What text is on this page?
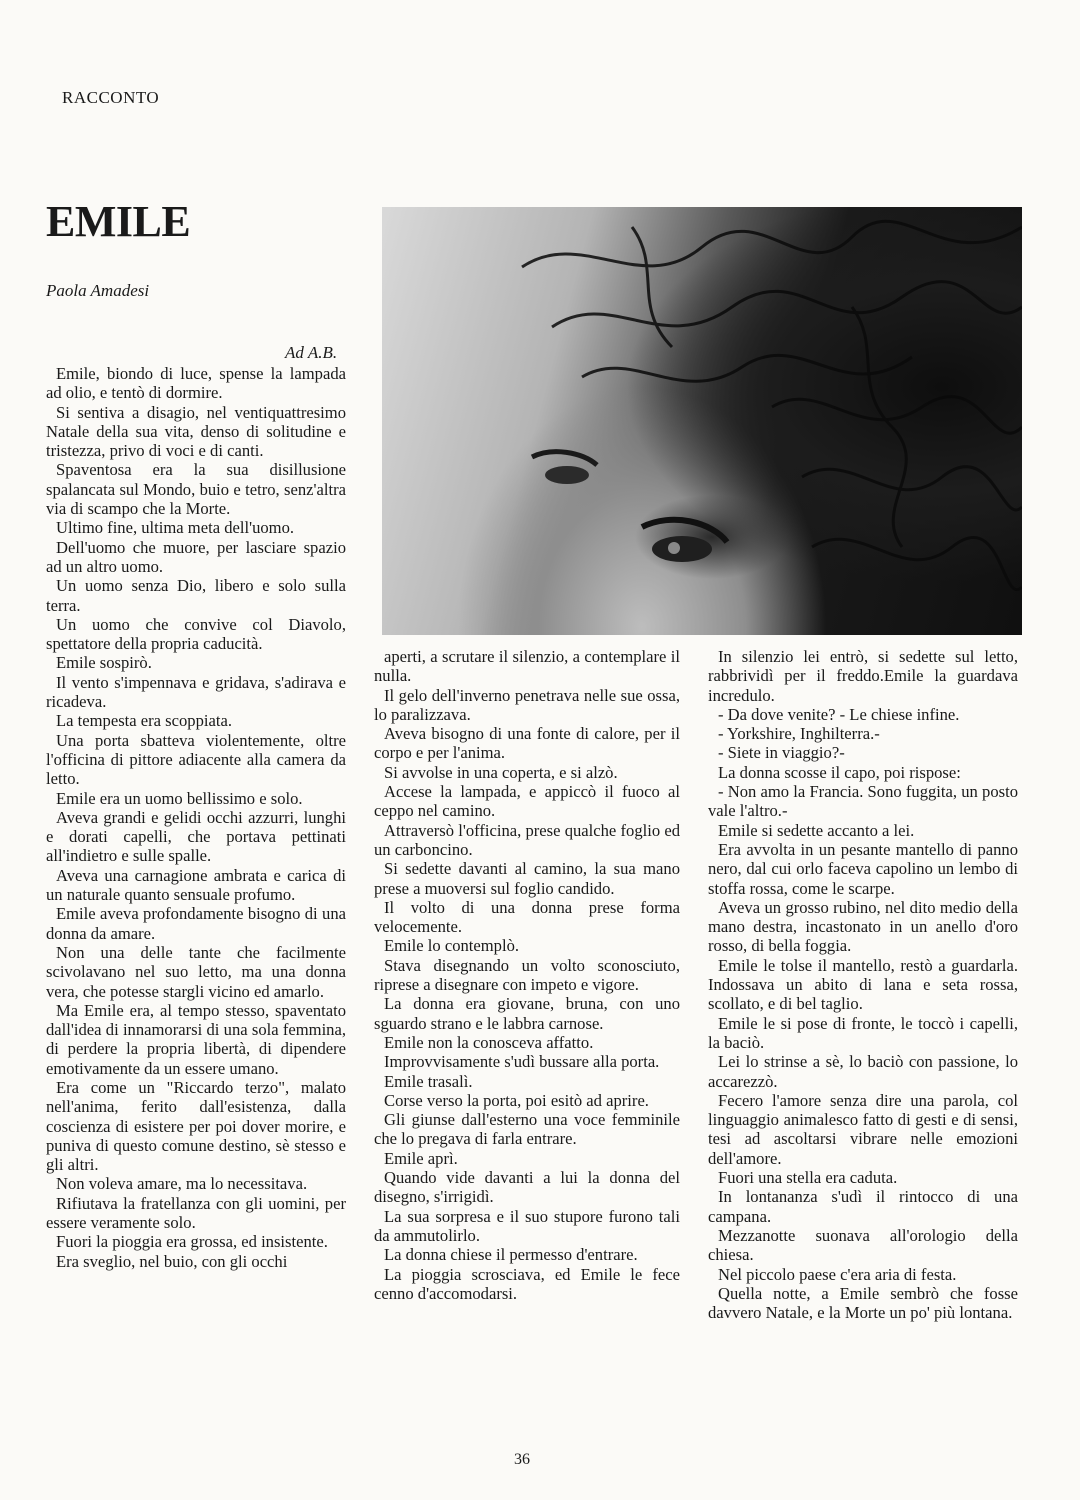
RACCONTO
EMILE
Paola Amadesi
Ad A.B.

Emile, biondo di luce, spense la lampada ad olio, e tentò di dormire.

Si sentiva a disagio, nel ventiquattresimo Natale della sua vita, denso di solitudine e tristezza, privo di voci e di canti.

Spaventosa era la sua disillusione spalancata sul Mondo, buio e tetro, senz'altra via di scampo che la Morte.

Ultimo fine, ultima meta dell'uomo.

Dell'uomo che muore, per lasciare spazio ad un altro uomo.

Un uomo senza Dio, libero e solo sulla terra.

Un uomo che convive col Diavolo, spettatore della propria caducità.

Emile sospirò.

Il vento s'impennava e gridava, s'adirava e ricadeva.

La tempesta era scoppiata.

Una porta sbatteva violentemente, oltre l'officina di pittore adiacente alla camera da letto.

Emile era un uomo bellissimo e solo.

Aveva grandi e gelidi occhi azzurri, lunghi e dorati capelli, che portava pettinati all'indietro e sulle spalle.

Aveva una carnagione ambrata e carica di un naturale quanto sensuale profumo.

Emile aveva profondamente bisogno di una donna da amare.

Non una delle tante che facilmente scivolavano nel suo letto, ma una donna vera, che potesse stargli vicino ed amarlo.

Ma Emile era, al tempo stesso, spaventato dall'idea di innamorarsi di una sola femmina, di perdere la propria libertà, di dipendere emotivamente da un essere umano.

Era come un "Riccardo terzo", malato nell'anima, ferito dall'esistenza, dalla coscienza di esistere per poi dover morire, e puniva di questo comune destino, sè stesso e gli altri.

Non voleva amare, ma lo necessitava.

Rifiutava la fratellanza con gli uomini, per essere veramente solo.

Fuori la pioggia era grossa, ed insistente.

Era sveglio, nel buio, con gli occhi

aperti, a scrutare il silenzio, a contemplare il nulla.

Il gelo dell'inverno penetrava nelle sue ossa, lo paralizzava.

Aveva bisogno di una fonte di calore, per il corpo e per l'anima.

Si avvolse in una coperta, e si alzò.

Accese la lampada, e appiccò il fuoco al ceppo nel camino.

Attraversò l'officina, prese qualche foglio ed un carboncino.

Si sedette davanti al camino, la sua mano prese a muoversi sul foglio candido.

Il volto di una donna prese forma velocemente.

Emile lo contemplò.

Stava disegnando un volto sconosciuto, riprese a disegnare con impeto e vigore.

La donna era giovane, bruna, con uno sguardo strano e le labbra carnose.

Emile non la conosceva affatto.

Improvvisamente s'udì bussare alla porta.

Emile trasalì.

Corse verso la porta, poi esitò ad aprire.

Gli giunse dall'esterno una voce femminile che lo pregava di farla entrare.

Emile aprì.

Quando vide davanti a lui la donna del disegno, s'irrigidì.

La sua sorpresa e il suo stupore furono tali da ammutolirlo.

La donna chiese il permesso d'entrare.

La pioggia scrosciava, ed Emile le fece cenno d'accomodarsi.

In silenzio lei entrò, si sedette sul letto, rabbrividì per il freddo.Emile la guardava incredulo.

- Da dove venite? - Le chiese infine.

- Yorkshire, Inghilterra.-

- Siete in viaggio?-

La donna scosse il capo, poi rispose:

- Non amo la Francia. Sono fuggita, un posto vale l'altro.-

Emile si sedette accanto a lei.

Era avvolta in un pesante mantello di panno nero, dal cui orlo faceva capolino un lembo di stoffa rossa, come le scarpe.

Aveva un grosso rubino, nel dito medio della mano destra, incastonato in un anello d'oro rosso, di bella foggia.

Emile le tolse il mantello, restò a guardarla. Indossava un abito di lana e seta rossa, scollato, e di bel taglio.

Emile le si pose di fronte, le toccò i capelli, la baciò.

Lei lo strinse a sè, lo baciò con passione, lo accarezzò.

Fecero l'amore senza dire una parola, col linguaggio animalesco fatto di gesti e di sensi, tesi ad ascoltarsi vibrare nelle emozioni dell'amore.

Fuori una stella era caduta.

In lontananza s'udì il rintocco di una campana.

Mezzanotte suonava all'orologio della chiesa.

Nel piccolo paese c'era aria di festa.

Quella notte, a Emile sembrò che fosse davvero Natale, e la Morte un po' più lontana.

36
